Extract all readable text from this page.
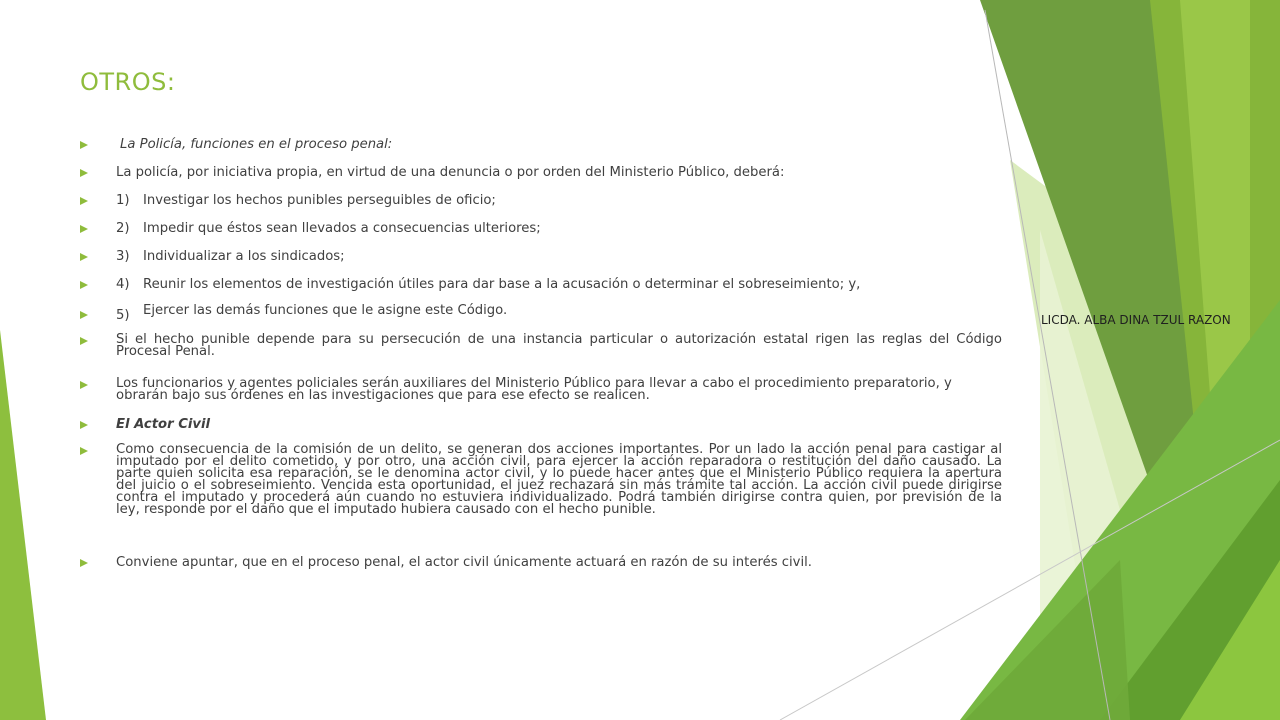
OTROS:
LICDA. ALBA DINA TZUL RAZON
La Policía, funciones en el proceso penal:
La policía, por iniciativa propia, en virtud de una denuncia o por orden del Ministerio Público, deberá:
1) Investigar los hechos punibles perseguibles de oficio;
2) Impedir que éstos sean llevados a consecuencias ulteriores;
3) Individualizar a los sindicados;
4) Reunir los elementos de investigación útiles para dar base a la acusación o determinar el sobreseimiento; y,
5) Ejercer las demás funciones que le asigne este Código.
Si el hecho punible depende para su persecución de una instancia particular o autorización estatal rigen las reglas del Código Procesal Penal.
Los funcionarios y agentes policiales serán auxiliares del Ministerio Público para llevar a cabo el procedimiento preparatorio, y obrarán bajo sus órdenes en las investigaciones que para ese efecto se realicen.
El Actor Civil
Como consecuencia de la comisión de un delito, se generan dos acciones importantes. Por un lado la acción penal para castigar al imputado por el delito cometido, y por otro, una acción civil, para ejercer la acción reparadora o restitución del daño causado. La parte quien solicita esa reparación, se le denomina actor civil, y lo puede hacer antes que el Ministerio Público requiera la apertura del juicio o el sobreseimiento. Vencida esta oportunidad, el juez rechazará sin más trámite tal acción. La acción civil puede dirigirse contra el imputado y procederá aún cuando no estuviera individualizado. Podrá también dirigirse contra quien, por previsión de la ley, responde por el daño que el imputado hubiera causado con el hecho punible.
Conviene apuntar, que en el proceso penal, el actor civil únicamente actuará en razón de su interés civil.
